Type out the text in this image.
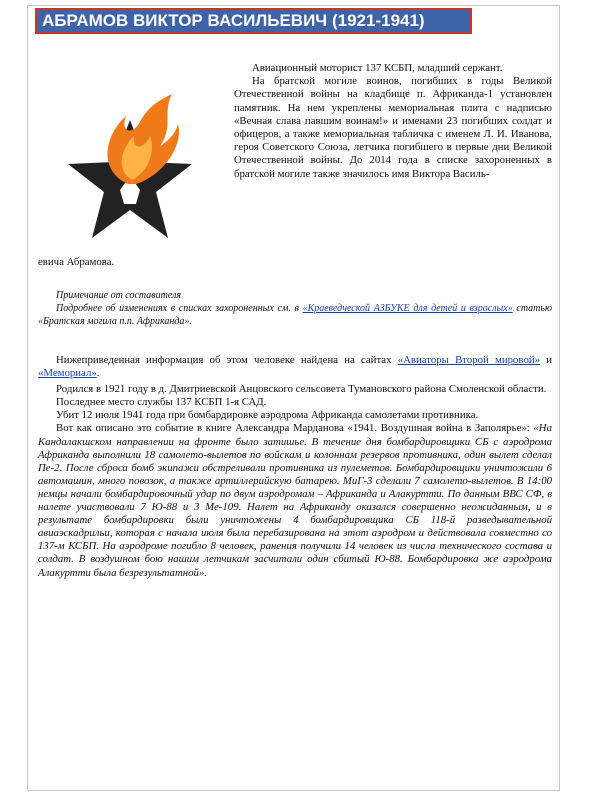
АБРАМОВ ВИКТОР ВАСИЛЬЕВИЧ (1921-1941)

Авиационный моторист 137 КСБП, младший сержант.

На братской могиле воинов, погибших в годы Великой Отечественной войны на кладбище п. Африканда-1 установлен памятник. На нем укреплены мемориальная плита с надписью «Вечная слава павшим воинам!» и именами 23 погибших солдат и офицеров, а также мемориальная табличка с именем Л. И. Иванова, героя Советского Союза, летчика погибшего в первые дни Великой Отечественной войны. До 2014 года в списке захороненных в братской могиле также значилось имя Виктора Василь-

евича Абрамова.

Примечание от составителя

Подробнее об изменениях в списках захороненных см. в «Краеведческой АЗБУКЕ для детей и взрослых» статью «Братская могила п.п. Африканда».

Нижеприведенная информация об этом человеке найдена на сайтах «Авиаторы Второй мировой» и «Мемориал».

Родился в 1921 году в д. Дмитриевской Анцовского сельсовета Тумановского района Смоленской области.

Последнее место службы 137 КСБП 1-я САД.

Убит 12 июля 1941 года при бомбардировке аэродрома Африканда самолетами противника.

Вот как описано это событие в книге Александра Марданова «1941. Воздушная война в Заполярье»: «На Кандалакшском направлении на фронте было затишье. В течение дня бомбардировщики СБ с аэродрома Африканда выполнили 18 самолето-вылетов по войскам и колоннам резервов противника, один вылет сделал Пе-2. После сброса бомб экипажи обстреливали противника из пулеметов. Бомбардировщики уничтожили 6 автомашин, много повозок, а также артиллерийскую батарею. МиГ-3 сделали 7 самолето-вылетов. В 14:00 немцы начали бомбардировочный удар по двум аэродромам – Африканда и Алакуртти. По данным ВВС СФ, в налете участвовали 7 Ю-88 и 3 Ме-109. Налет на Африканду оказался совершенно неожиданным, и в результате бомбардировки были уничтожены 4 бомбардировщика СБ 118-й разведывательной авиаэскадрильи, которая с начала июля была перебазирована на этот аэродром и действовала совместно со 137-м КСБП. На аэродроме погибло 8 человек, ранения получили 14 человек из числа технического состава и солдат. В воздушном бою нашим летчикам засчитали один сбитый Ю-88. Бомбардировка же аэродрома Алакуртти была безрезультатной».
